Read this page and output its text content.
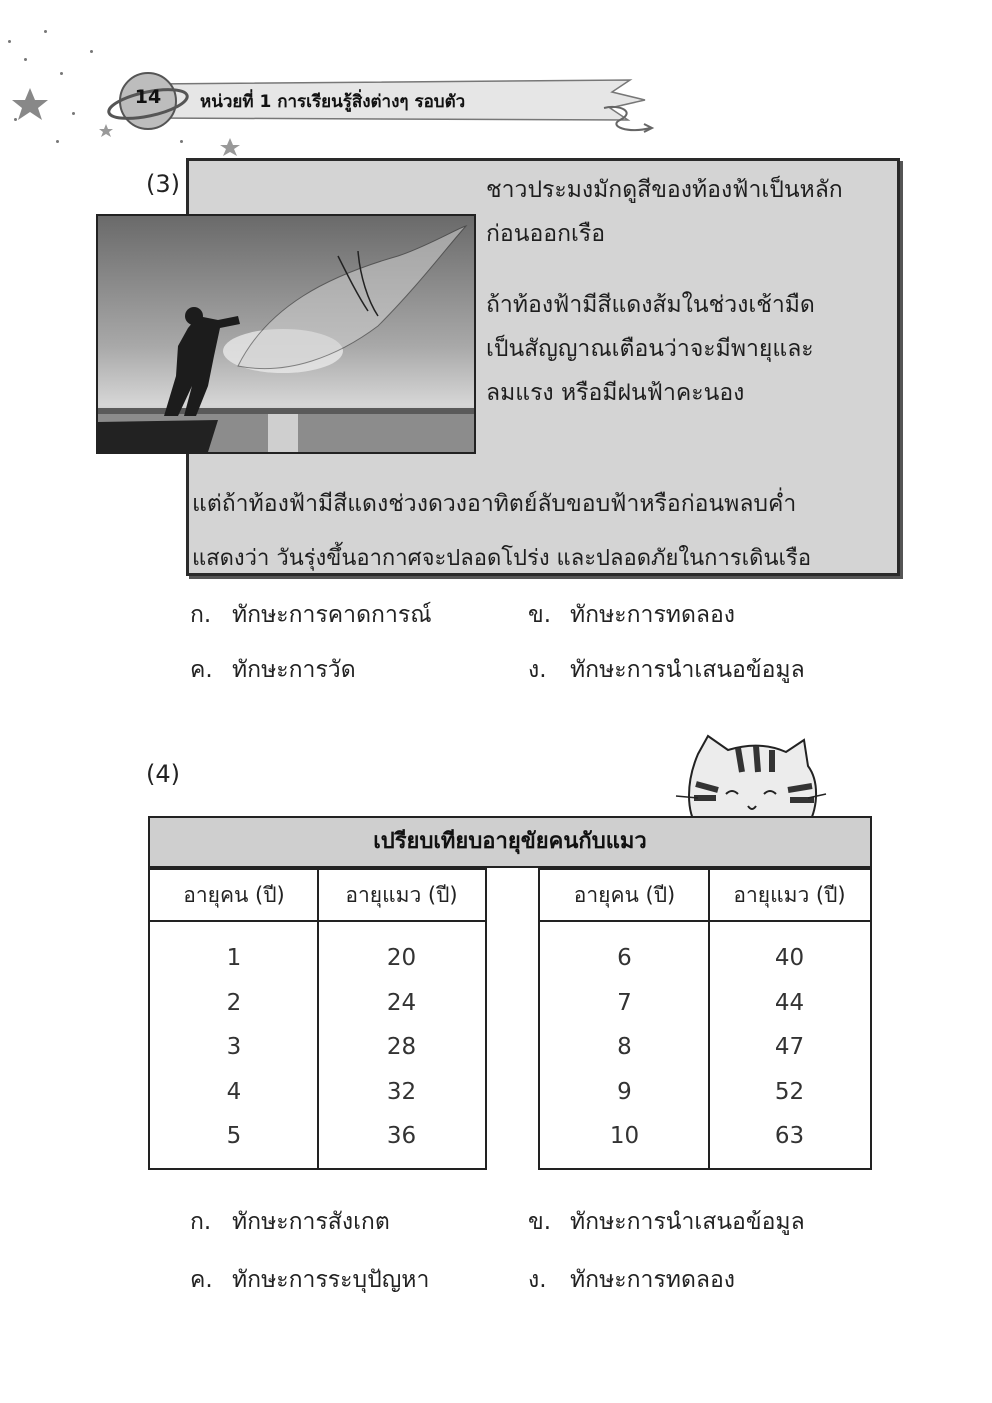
14	หน่วยที่ 1 การเรียนรู้สิ่งต่างๆ รอบตัว
(3)	ชาวประมงมักดูสีของท้องฟ้าเป็นหลัก
ก่อนออกเรือ
ถ้าท้องฟ้ามีสีแดงส้มในช่วงเช้ามืด
เป็นสัญญาณเตือนว่าจะมีพายุและ
ลมแรง หรือมีฝนฟ้าคะนอง
แต่ถ้าท้องฟ้ามีสีแดงช่วงดวงอาทิตย์ลับขอบฟ้าหรือก่อนพลบค่ำ
แสดงว่า วันรุ่งขึ้นอากาศจะปลอดโปร่ง และปลอดภัยในการเดินเรือ
ก. ทักษะการคาดการณ์	ข. ทักษะการทดลอง
ค. ทักษะการวัด	ง. ทักษะการนำเสนอข้อมูล
(4)
เปรียบเทียบอายุขัยคนกับแมว
อายุคน (ปี)	อายุแมว (ปี)
1	20
2	24
3	28
4	32
5	36
อายุคน (ปี)	อายุแมว (ปี)
6	40
7	44
8	47
9	52
10	63
ก. ทักษะการสังเกต	ข. ทักษะการนำเสนอข้อมูล
ค. ทักษะการระบุปัญหา	ง. ทักษะการทดลอง
